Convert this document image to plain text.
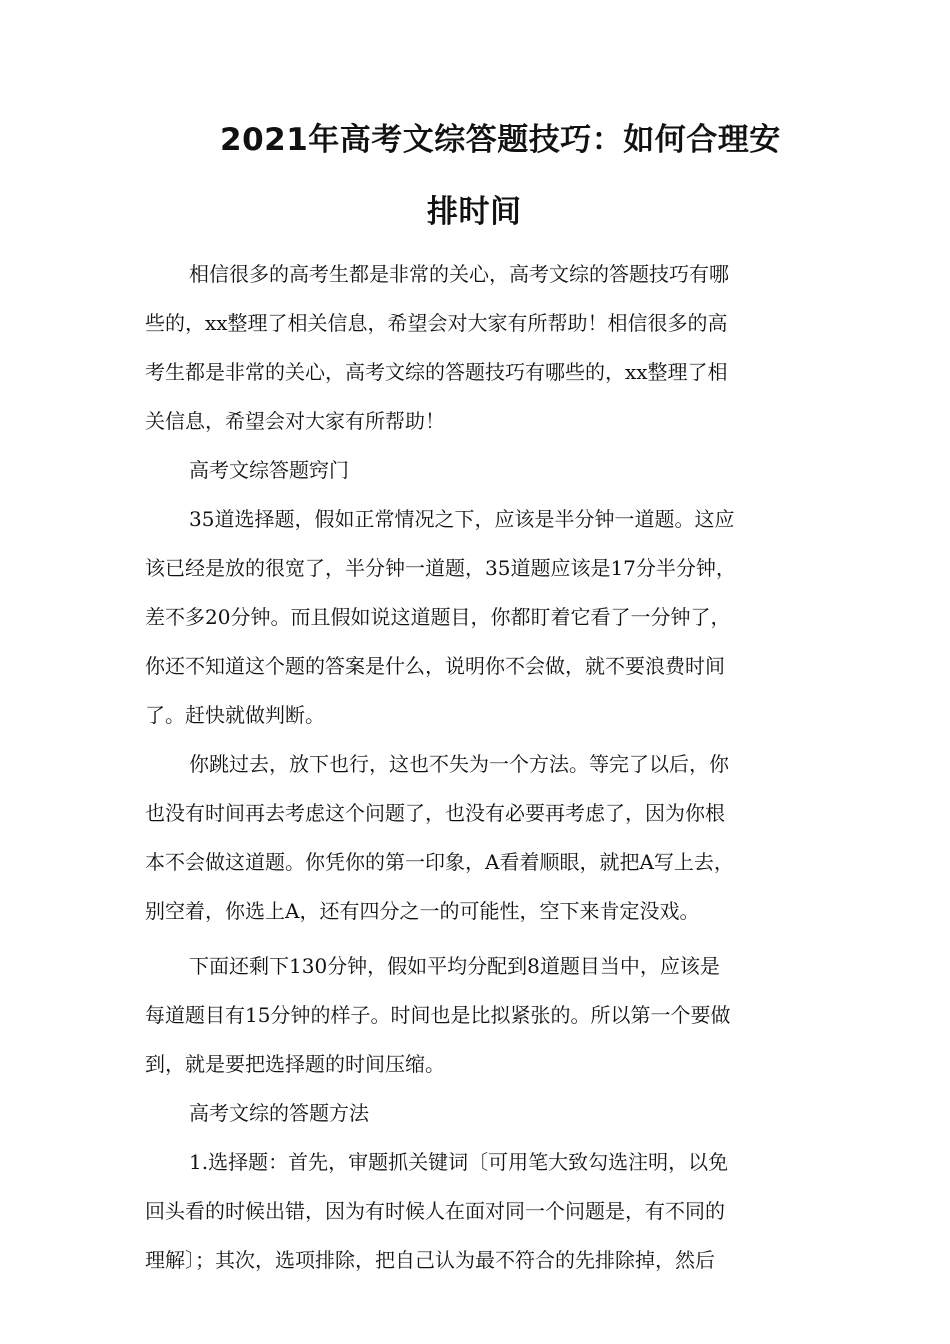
2021年高考文综答题技巧：如何合理安
排时间
相信很多的高考生都是非常的关心，高考文综的答题技巧有哪
些的，xx整理了相关信息，希望会对大家有所帮助！相信很多的高
考生都是非常的关心，高考文综的答题技巧有哪些的，xx整理了相
关信息，希望会对大家有所帮助！
高考文综答题窍门
35道选择题，假如正常情况之下，应该是半分钟一道题。这应
该已经是放的很宽了，半分钟一道题，35道题应该是17分半分钟，
差不多20分钟。而且假如说这道题目，你都盯着它看了一分钟了，
你还不知道这个题的答案是什么，说明你不会做，就不要浪费时间
了。赶快就做判断。
你跳过去，放下也行，这也不失为一个方法。等完了以后，你
也没有时间再去考虑这个问题了，也没有必要再考虑了，因为你根
本不会做这道题。你凭你的第一印象，A看着顺眼，就把A写上去，
别空着，你选上A，还有四分之一的可能性，空下来肯定没戏。
下面还剩下130分钟，假如平均分配到8道题目当中，应该是
每道题目有15分钟的样子。时间也是比拟紧张的。所以第一个要做
到，就是要把选择题的时间压缩。
高考文综的答题方法
1.选择题：首先，审题抓关键词〔可用笔大致勾选注明，以免
回头看的时候出错，因为有时候人在面对同一个问题是，有不同的
理解〕；其次，选项排除，把自己认为最不符合的先排除掉，然后
